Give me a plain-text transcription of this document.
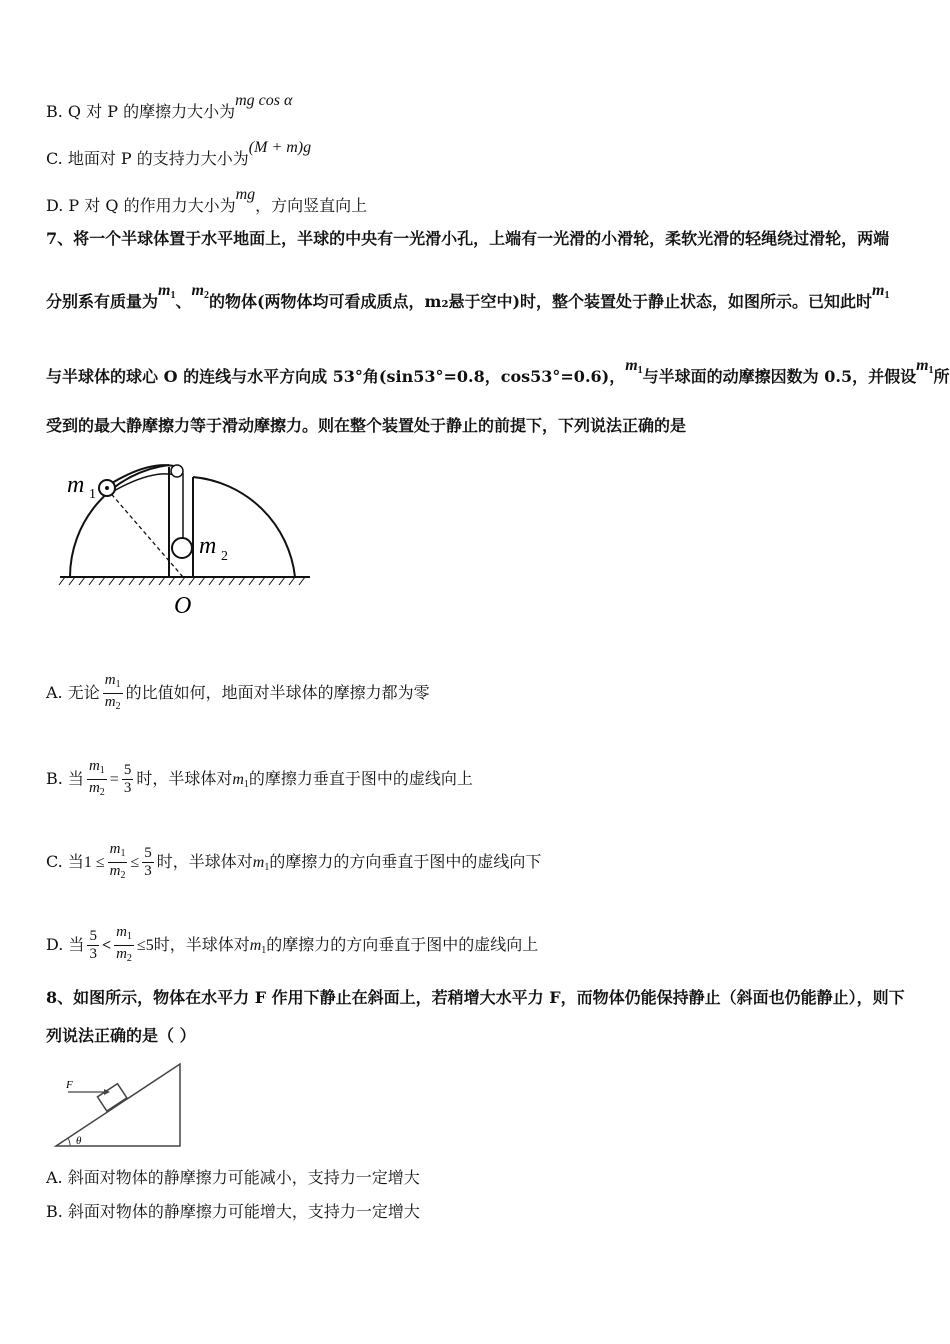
B. Q 对 P 的摩擦力大小为mg cos α
C. 地面对 P 的支持力大小为(M + m)g
D. P 对 Q 的作用力大小为mg，方向竖直向上
7、将一个半球体置于水平地面上，半球的中央有一光滑小孔，上端有一光滑的小滑轮，柔软光滑的轻绳绕过滑轮，两端
分别系有质量为$m_1$、$m_2$的物体(两物体均可看成质点，m₂悬于空中)时，整个装置处于静止状态，如图所示。已知此时$m_1$
与半球体的球心 O 的连线与水平方向成 53°角(sin53°=0.8，cos53°=0.6)，$m_1$与半球面的动摩擦因数为 0.5，并假设$m_1$所
受到的最大静摩擦力等于滑动摩擦力。则在整个装置处于静止的前提下，下列说法正确的是
m 1
m 2
O
A. 无论 $\frac{m_1}{m_2}$ 的比值如何，地面对半球体的摩擦力都为零
B. 当 $\frac{m_1}{m_2} = \frac{5}{3}$ 时，半球体对$m_1$的摩擦力垂直于图中的虚线向上
C. 当$1 \le \frac{m_1}{m_2} \le \frac{5}{3}$ 时，半球体对$m_1$的摩擦力的方向垂直于图中的虚线向下
D. 当 $\frac{5}{3} < \frac{m_1}{m_2} \le 5$时，半球体对$m_1$的摩擦力的方向垂直于图中的虚线向上
8、如图所示，物体在水平力 F 作用下静止在斜面上，若稍增大水平力 F，而物体仍能保持静止（斜面也仍能静止），则下
列说法正确的是（ ）
F
θ
A. 斜面对物体的静摩擦力可能减小，支持力一定增大
B. 斜面对物体的静摩擦力可能增大，支持力一定增大
